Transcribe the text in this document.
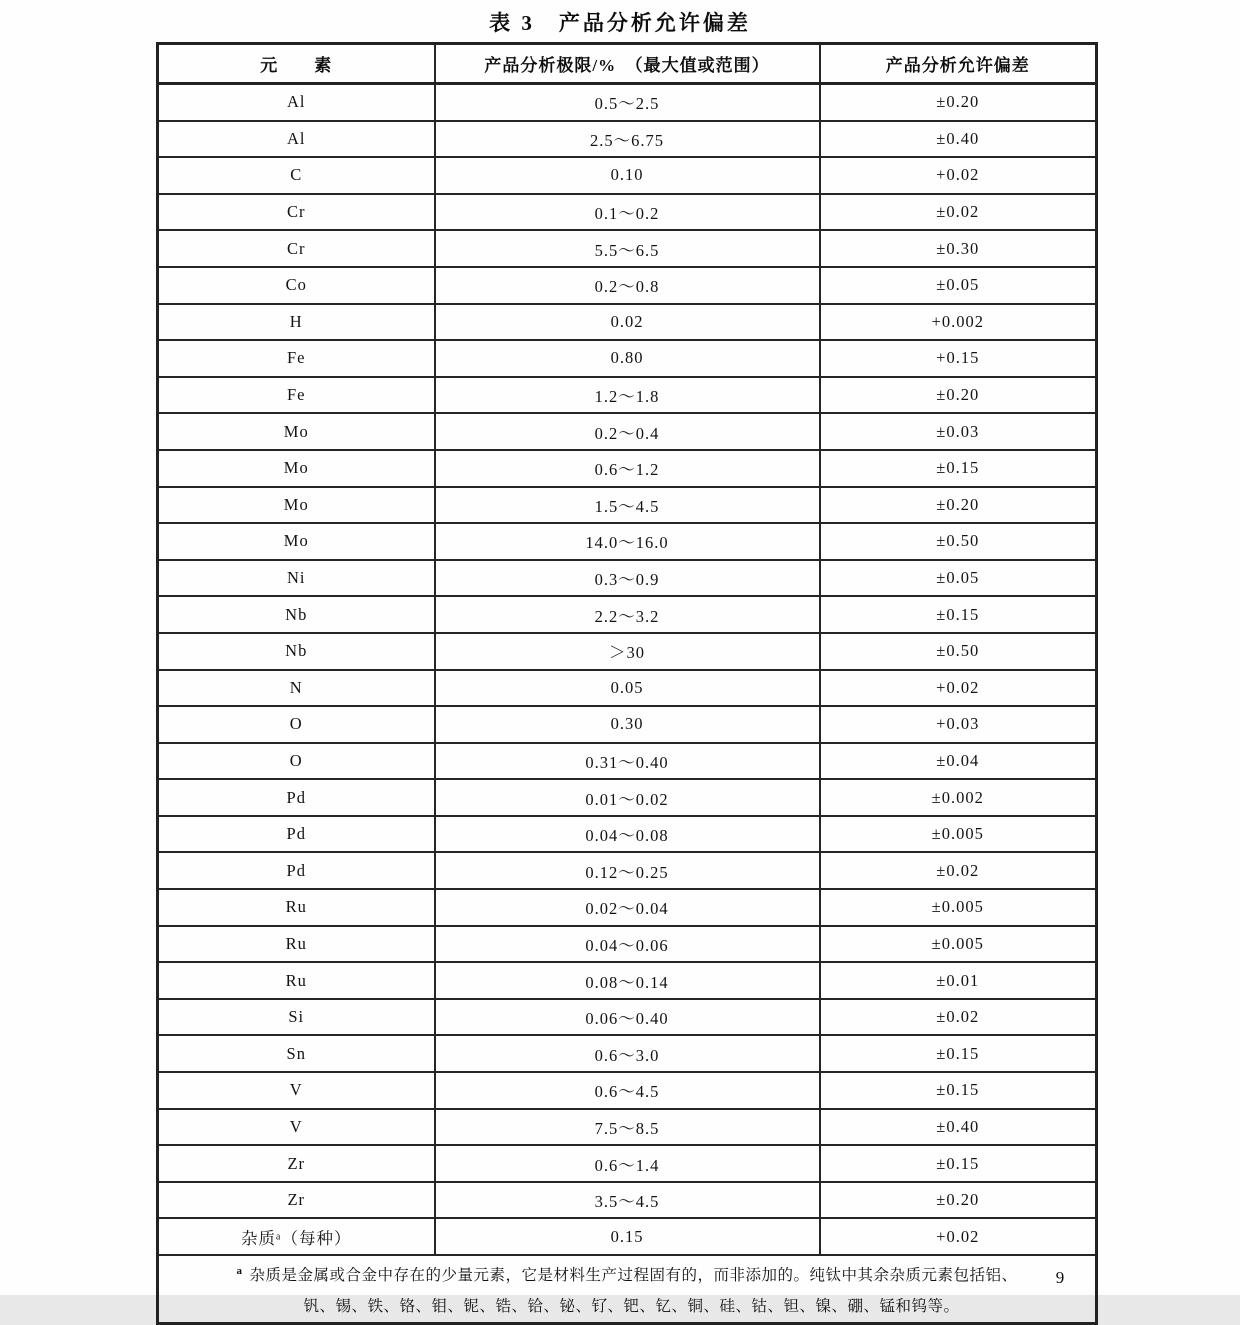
表 3　产品分析允许偏差
元　　素	产品分析极限/%　（最大值或范围）	产品分析允许偏差
Al	0.5～2.5	±0.20
Al	2.5～6.75	±0.40
C	0.10	+0.02
Cr	0.1～0.2	±0.02
Cr	5.5～6.5	±0.30
Co	0.2～0.8	±0.05
H	0.02	+0.002
Fe	0.80	+0.15
Fe	1.2～1.8	±0.20
Mo	0.2～0.4	±0.03
Mo	0.6～1.2	±0.15
Mo	1.5～4.5	±0.20
Mo	14.0～16.0	±0.50
Ni	0.3～0.9	±0.05
Nb	2.2～3.2	±0.15
Nb	＞30	±0.50
N	0.05	+0.02
O	0.30	+0.03
O	0.31～0.40	±0.04
Pd	0.01～0.02	±0.002
Pd	0.04～0.08	±0.005
Pd	0.12～0.25	±0.02
Ru	0.02～0.04	±0.005
Ru	0.04～0.06	±0.005
Ru	0.08～0.14	±0.01
Si	0.06～0.40	±0.02
Sn	0.6～3.0	±0.15
V	0.6～4.5	±0.15
V	7.5～8.5	±0.40
Zr	0.6～1.4	±0.15
Zr	3.5～4.5	±0.20
杂质ᵃ（每种）	0.15	+0.02

$^a$ 杂质是金属或合金中存在的少量元素，它是材料生产过程固有的，而非添加的。纯钛中其余杂质元素包括铝、
钒、锡、铁、铬、钼、铌、锆、铪、铋、钌、钯、钇、铜、硅、钴、钽、镍、硼、锰和钨等。		
9
